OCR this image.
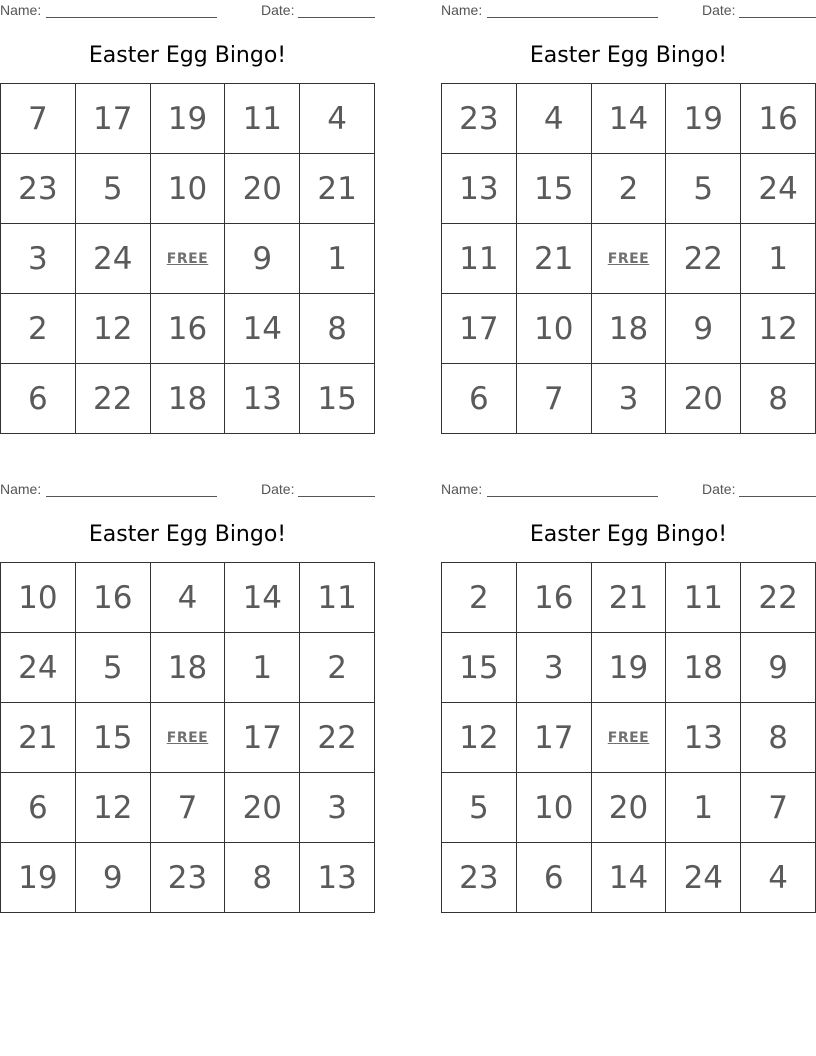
Name:	Date:
Easter Egg Bingo!
7	17	19	11	4
23	5	10	20	21
3	24	FREE	9	1
2	12	16	14	8
6	22	18	13	15
Name:	Date:
Easter Egg Bingo!
23	4	14	19	16
13	15	2	5	24
11	21	FREE	22	1
17	10	18	9	12
6	7	3	20	8
Name:	Date:
Easter Egg Bingo!
10	16	4	14	11
24	5	18	1	2
21	15	FREE	17	22
6	12	7	20	3
19	9	23	8	13
Name:	Date:
Easter Egg Bingo!
2	16	21	11	22
15	3	19	18	9
12	17	FREE	13	8
5	10	20	1	7
23	6	14	24	4
